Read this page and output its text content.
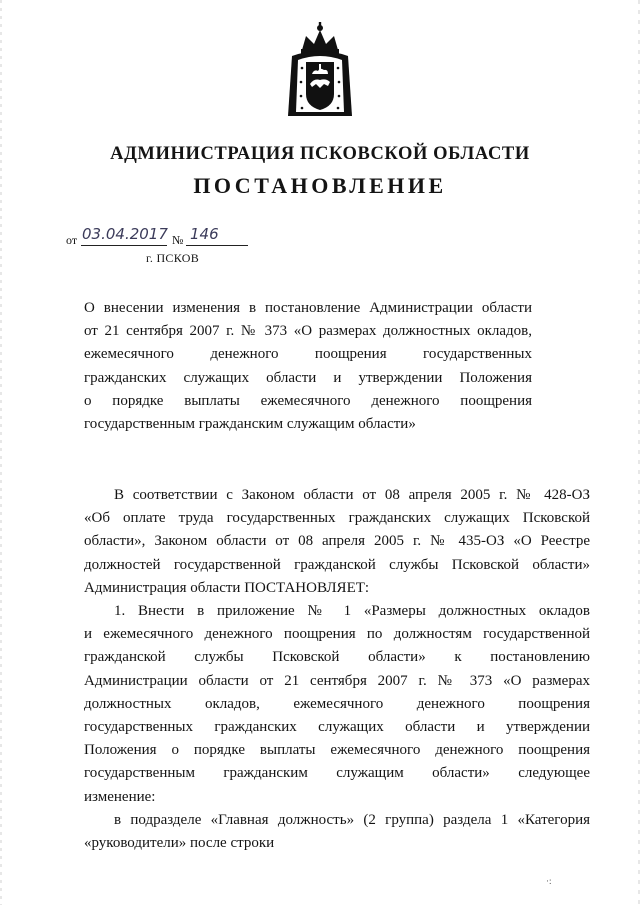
АДМИНИСТРАЦИЯ ПСКОВСКОЙ ОБЛАСТИ
ПОСТАНОВЛЕНИЕ
от 03.04.2017 № 146
г. ПСКОВ
О внесении изменения в постановление Администрации области
от 21 сентября 2007 г. № 373 «О размерах должностных окладов,
ежемесячного денежного поощрения государственных
гражданских служащих области и утверждении Положения
о порядке выплаты ежемесячного денежного поощрения
государственным гражданским служащим области»
В соответствии с Законом области от 08 апреля 2005 г. № 428-ОЗ
«Об оплате труда государственных гражданских служащих Псковской
области», Законом области от 08 апреля 2005 г. № 435-ОЗ «О Реестре
должностей государственной гражданской службы Псковской области»
Администрация области ПОСТАНОВЛЯЕТ:
1. Внести в приложение № 1 «Размеры должностных окладов
и ежемесячного денежного поощрения по должностям государственной
гражданской службы Псковской области» к постановлению
Администрации области от 21 сентября 2007 г. № 373 «О размерах
должностных окладов, ежемесячного денежного поощрения
государственных гражданских служащих области и утверждении
Положения о порядке выплаты ежемесячного денежного поощрения
государственным гражданским служащим области» следующее
изменение:
в подразделе «Главная должность» (2 группа) раздела 1 «Категория
«руководители» после строки
·:
